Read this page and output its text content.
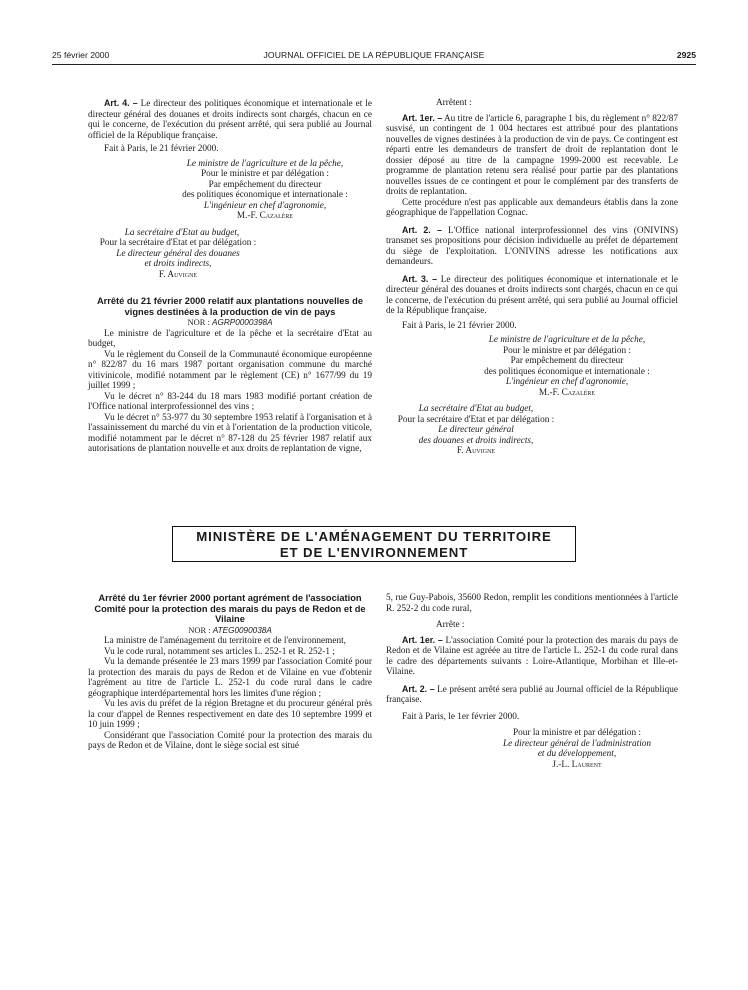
25 février 2000	JOURNAL OFFICIEL DE LA RÉPUBLIQUE FRANÇAISE	2925

Art. 4. – Le directeur des politiques économique et internationale et le directeur général des douanes et droits indirects sont chargés, chacun en ce qui le concerne, de l'exécution du présent arrêté, qui sera publié au Journal officiel de la République française.

Fait à Paris, le 21 février 2000.

Le ministre de l'agriculture et de la pêche,

Pour le ministre et par délégation :

Par empêchement du directeur

des politiques économique et internationale :

L'ingénieur en chef d'agronomie,

M.-F. Cazalère

La secrétaire d'Etat au budget,

Pour la secrétaire d'Etat et par délégation :

Le directeur général des douanes

et droits indirects,

F. Auvigne

Arrêté du 21 février 2000 relatif aux plantations nouvelles de vignes destinées à la production de vin de pays

NOR : AGRP0000398A

Le ministre de l'agriculture et de la pêche et la secrétaire d'Etat au budget,

Vu le règlement du Conseil de la Communauté économique européenne n° 822/87 du 16 mars 1987 portant organisation commune du marché vitivinicole, modifié notamment par le règlement (CE) n° 1677/99 du 19 juillet 1999 ;

Vu le décret n° 83-244 du 18 mars 1983 modifié portant création de l'Office national interprofessionnel des vins ;

Vu le décret n° 53-977 du 30 septembre 1953 relatif à l'organisation et à l'assainissement du marché du vin et à l'orientation de la production viticole, modifié notamment par le décret n° 87-128 du 25 février 1987 relatif aux autorisations de plantation nouvelle et aux droits de replantation de vigne,

Arrêtent :

Art. 1er. – Au titre de l'article 6, paragraphe 1 bis, du règlement n° 822/87 susvisé, un contingent de 1 004 hectares est attribué pour des plantations nouvelles de vignes destinées à la production de vin de pays. Ce contingent est réparti entre les demandeurs de transfert de droit de replantation dont le dossier déposé au titre de la campagne 1999-2000 est recevable. Le programme de plantation retenu sera réalisé pour partie par des plantations nouvelles issues de ce contingent et pour le complément par des transferts de droits de replantation.

Cette procédure n'est pas applicable aux demandeurs établis dans la zone géographique de l'appellation Cognac.

Art. 2. – L'Office national interprofessionnel des vins (ONIVINS) transmet ses propositions pour décision individuelle au préfet de département du siège de l'exploitation. L'ONIVINS adresse les notifications aux demandeurs.

Art. 3. – Le directeur des politiques économique et internationale et le directeur général des douanes et droits indirects sont chargés, chacun en ce qui le concerne, de l'exécution du présent arrêté, qui sera publié au Journal officiel de la République française.

Fait à Paris, le 21 février 2000.

Le ministre de l'agriculture et de la pêche,

Pour le ministre et par délégation :

Par empêchement du directeur

des politiques économique et internationale :

L'ingénieur en chef d'agronomie,

M.-F. Cazalère

La secrétaire d'Etat au budget,

Pour la secrétaire d'Etat et par délégation :

Le directeur général

des douanes et droits indirects,

F. Auvigne

MINISTÈRE DE L'AMÉNAGEMENT DU TERRITOIRE
ET DE L'ENVIRONNEMENT

Arrêté du 1er février 2000 portant agrément de l'association Comité pour la protection des marais du pays de Redon et de Vilaine

NOR : ATEG0090038A

La ministre de l'aménagement du territoire et de l'environnement,

Vu le code rural, notamment ses articles L. 252-1 et R. 252-1 ;

Vu la demande présentée le 23 mars 1999 par l'association Comité pour la protection des marais du pays de Redon et de Vilaine en vue d'obtenir l'agrément au titre de l'article L. 252-1 du code rural dans le cadre géographique interdépartemental hors les limites d'une région ;

Vu les avis du préfet de la région Bretagne et du procureur général près la cour d'appel de Rennes respectivement en date des 10 septembre 1999 et 10 juin 1999 ;

Considérant que l'association Comité pour la protection des marais du pays de Redon et de Vilaine, dont le siège social est situé

5, rue Guy-Pabois, 35600 Redon, remplit les conditions mentionnées à l'article R. 252-2 du code rural,

Arrête :

Art. 1er. – L'association Comité pour la protection des marais du pays de Redon et de Vilaine est agréée au titre de l'article L. 252-1 du code rural dans le cadre des départements suivants : Loire-Atlantique, Morbihan et Ille-et-Vilaine.

Art. 2. – Le présent arrêté sera publié au Journal officiel de la République française.

Fait à Paris, le 1er février 2000.

Pour la ministre et par délégation :

Le directeur général de l'administration

et du développement,

J.-L. Laurent
